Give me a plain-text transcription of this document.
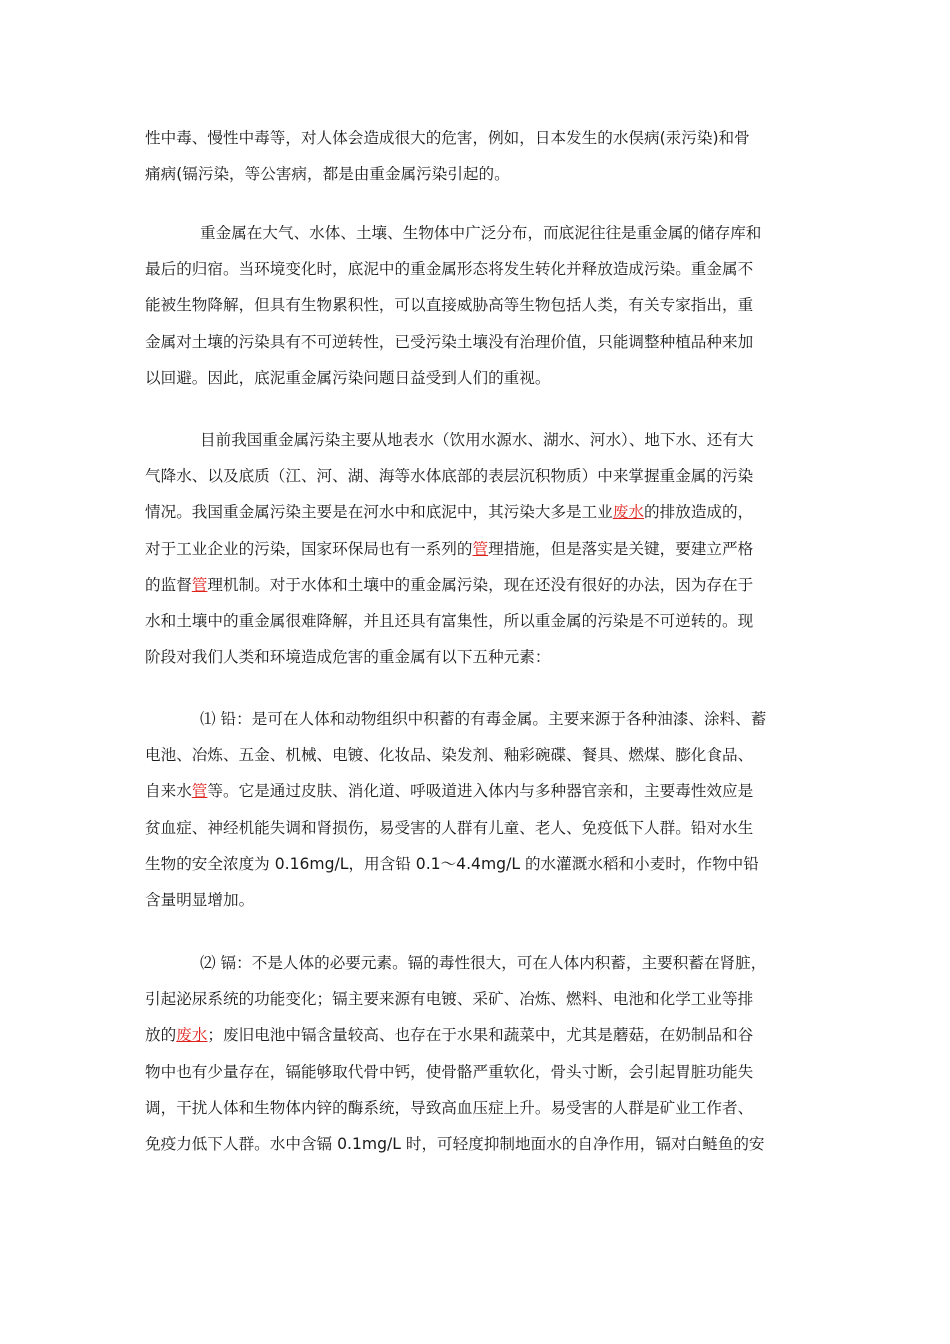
性中毒、慢性中毒等，对人体会造成很大的危害，例如，日本发生的水俣病(汞污染)和骨
痛病(镉污染，等公害病，都是由重金属污染引起的。

重金属在大气、水体、土壤、生物体中广泛分布，而底泥往往是重金属的储存库和
最后的归宿。当环境变化时，底泥中的重金属形态将发生转化并释放造成污染。重金属不
能被生物降解，但具有生物累积性，可以直接威胁高等生物包括人类，有关专家指出，重
金属对土壤的污染具有不可逆转性，已受污染土壤没有治理价值，只能调整种植品种来加
以回避。因此，底泥重金属污染问题日益受到人们的重视。

目前我国重金属污染主要从地表水（饮用水源水、湖水、河水）、地下水、还有大
气降水、以及底质（江、河、湖、海等水体底部的表层沉积物质）中来掌握重金属的污染
情况。我国重金属污染主要是在河水中和底泥中，其污染大多是工业废水的排放造成的，
对于工业企业的污染，国家环保局也有一系列的管理措施，但是落实是关键，要建立严格
的监督管理机制。对于水体和土壤中的重金属污染，现在还没有很好的办法，因为存在于
水和土壤中的重金属很难降解，并且还具有富集性，所以重金属的污染是不可逆转的。现
阶段对我们人类和环境造成危害的重金属有以下五种元素：

⑴ 铅：是可在人体和动物组织中积蓄的有毒金属。主要来源于各种油漆、涂料、蓄
电池、冶炼、五金、机械、电镀、化妆品、染发剂、釉彩碗碟、餐具、燃煤、膨化食品、
自来水管等。它是通过皮肤、消化道、呼吸道进入体内与多种器官亲和，主要毒性效应是
贫血症、神经机能失调和肾损伤，易受害的人群有儿童、老人、免疫低下人群。铅对水生
生物的安全浓度为 0.16mg/L，用含铅 0.1～4.4mg/L 的水灌溉水稻和小麦时，作物中铅
含量明显增加。

⑵ 镉：不是人体的必要元素。镉的毒性很大，可在人体内积蓄，主要积蓄在肾脏，
引起泌尿系统的功能变化；镉主要来源有电镀、采矿、冶炼、燃料、电池和化学工业等排
放的废水；废旧电池中镉含量较高、也存在于水果和蔬菜中，尤其是蘑菇，在奶制品和谷
物中也有少量存在，镉能够取代骨中钙，使骨骼严重软化，骨头寸断，会引起胃脏功能失
调，干扰人体和生物体内锌的酶系统，导致高血压症上升。易受害的人群是矿业工作者、
免疫力低下人群。水中含镉 0.1mg/L 时，可轻度抑制地面水的自净作用，镉对白鲢鱼的安
